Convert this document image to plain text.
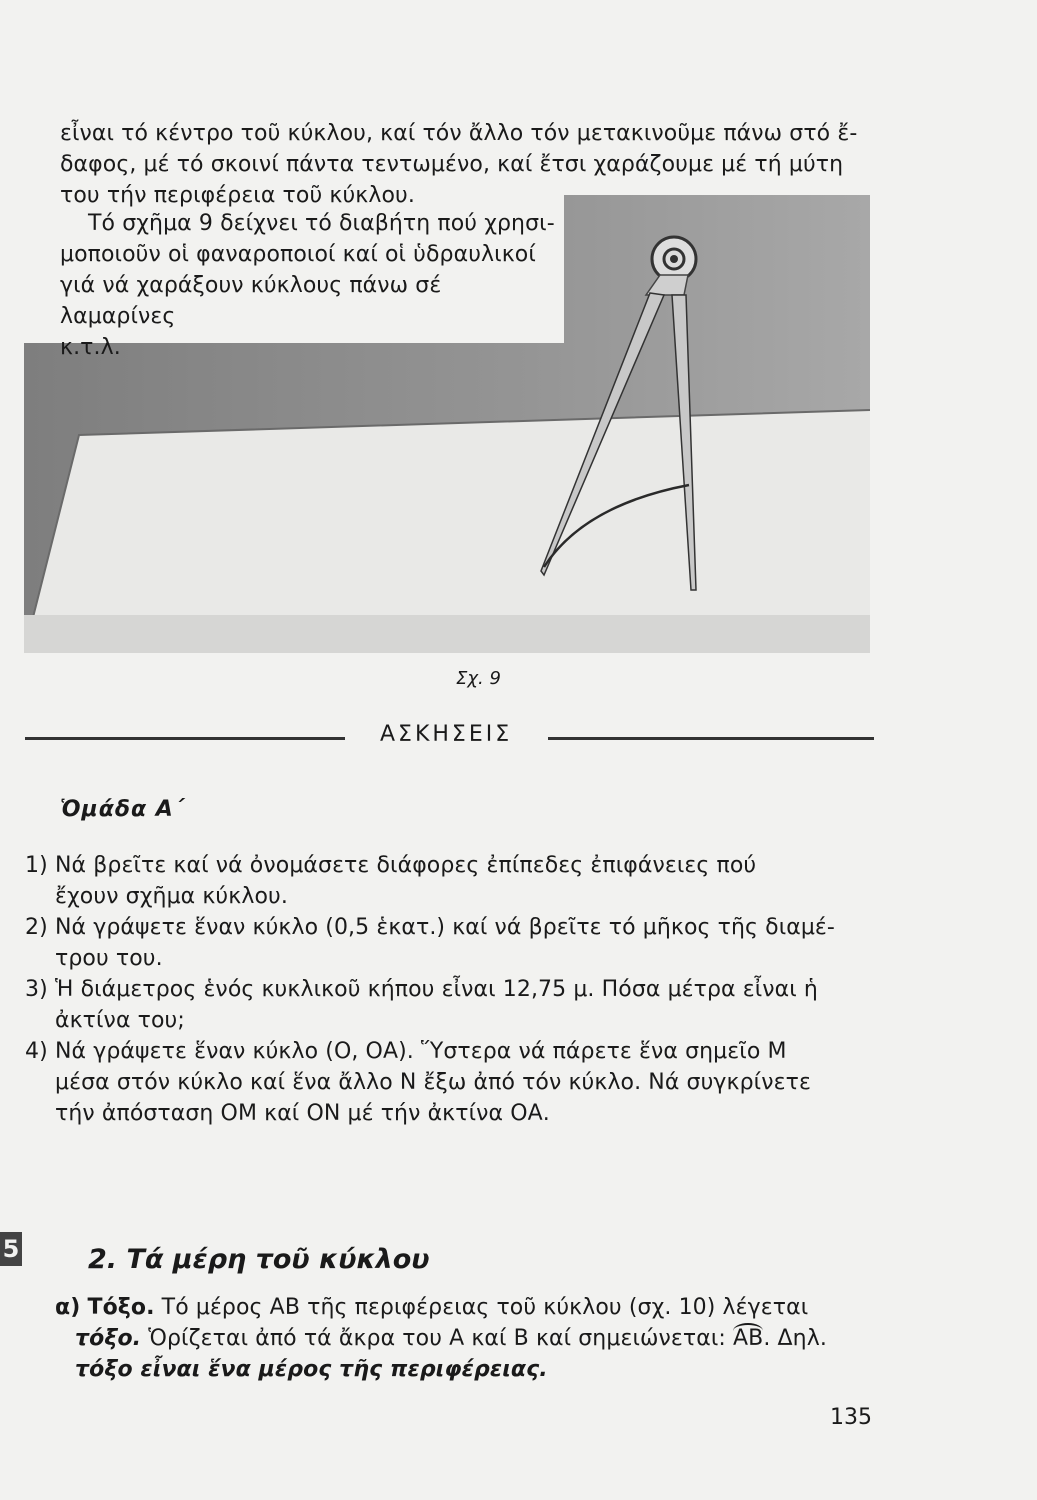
εἶναι τό κέντρο τοῦ κύκλου, καί τόν ἄλλο τόν μετακινοῦμε πάνω στό ἔ-

δαφος, μέ τό σκοινί πάντα τεντωμένο, καί ἔτσι χαράζουμε μέ τή μύτη

του τήν περιφέρεια τοῦ κύκλου.

Τό σχῆμα 9 δείχνει τό διαβήτη πού χρησι-

μοποιοῦν οἱ φαναροποιοί καί οἱ ὑδραυλικοί

γιά νά χαράξουν κύκλους πάνω σέ λαμαρίνες

κ.τ.λ.

Σχ. 9
ΑΣΚΗΣΕΙΣ
Ὁμάδα Α΄
1) Νά βρεῖτε καί νά ὀνομάσετε διάφορες ἐπίπεδες ἐπιφάνειες πού
ἔχουν σχῆμα κύκλου.
2) Νά γράψετε ἕναν κύκλο (0,5 ἑκατ.) καί νά βρεῖτε τό μῆκος τῆς διαμέ-
τρου του.
3) Ἡ διάμετρος ἑνός κυκλικοῦ κήπου εἶναι 12,75 μ. Πόσα μέτρα εἶναι ἡ
ἀκτίνα του;
4) Νά γράψετε ἕναν κύκλο (Ο, ΟΑ). Ὕστερα νά πάρετε ἕνα σημεῖο Μ
μέσα στόν κύκλο καί ἕνα ἄλλο Ν ἔξω ἀπό τόν κύκλο. Νά συγκρίνετε
τήν ἀπόσταση ΟΜ καί ΟΝ μέ τήν ἀκτίνα ΟΑ.
5	2. Τά μέρη τοῦ κύκλου

α) Τόξο. Τό μέρος ΑΒ τῆς περιφέρειας τοῦ κύκλου (σχ. 10) λέγεται

τόξο. Ὁρίζεται ἀπό τά ἄκρα του Α καί Β καί σημειώνεται: ΑΒ. Δηλ.

τόξο εἶναι ἕνα μέρος τῆς περιφέρειας.

135
